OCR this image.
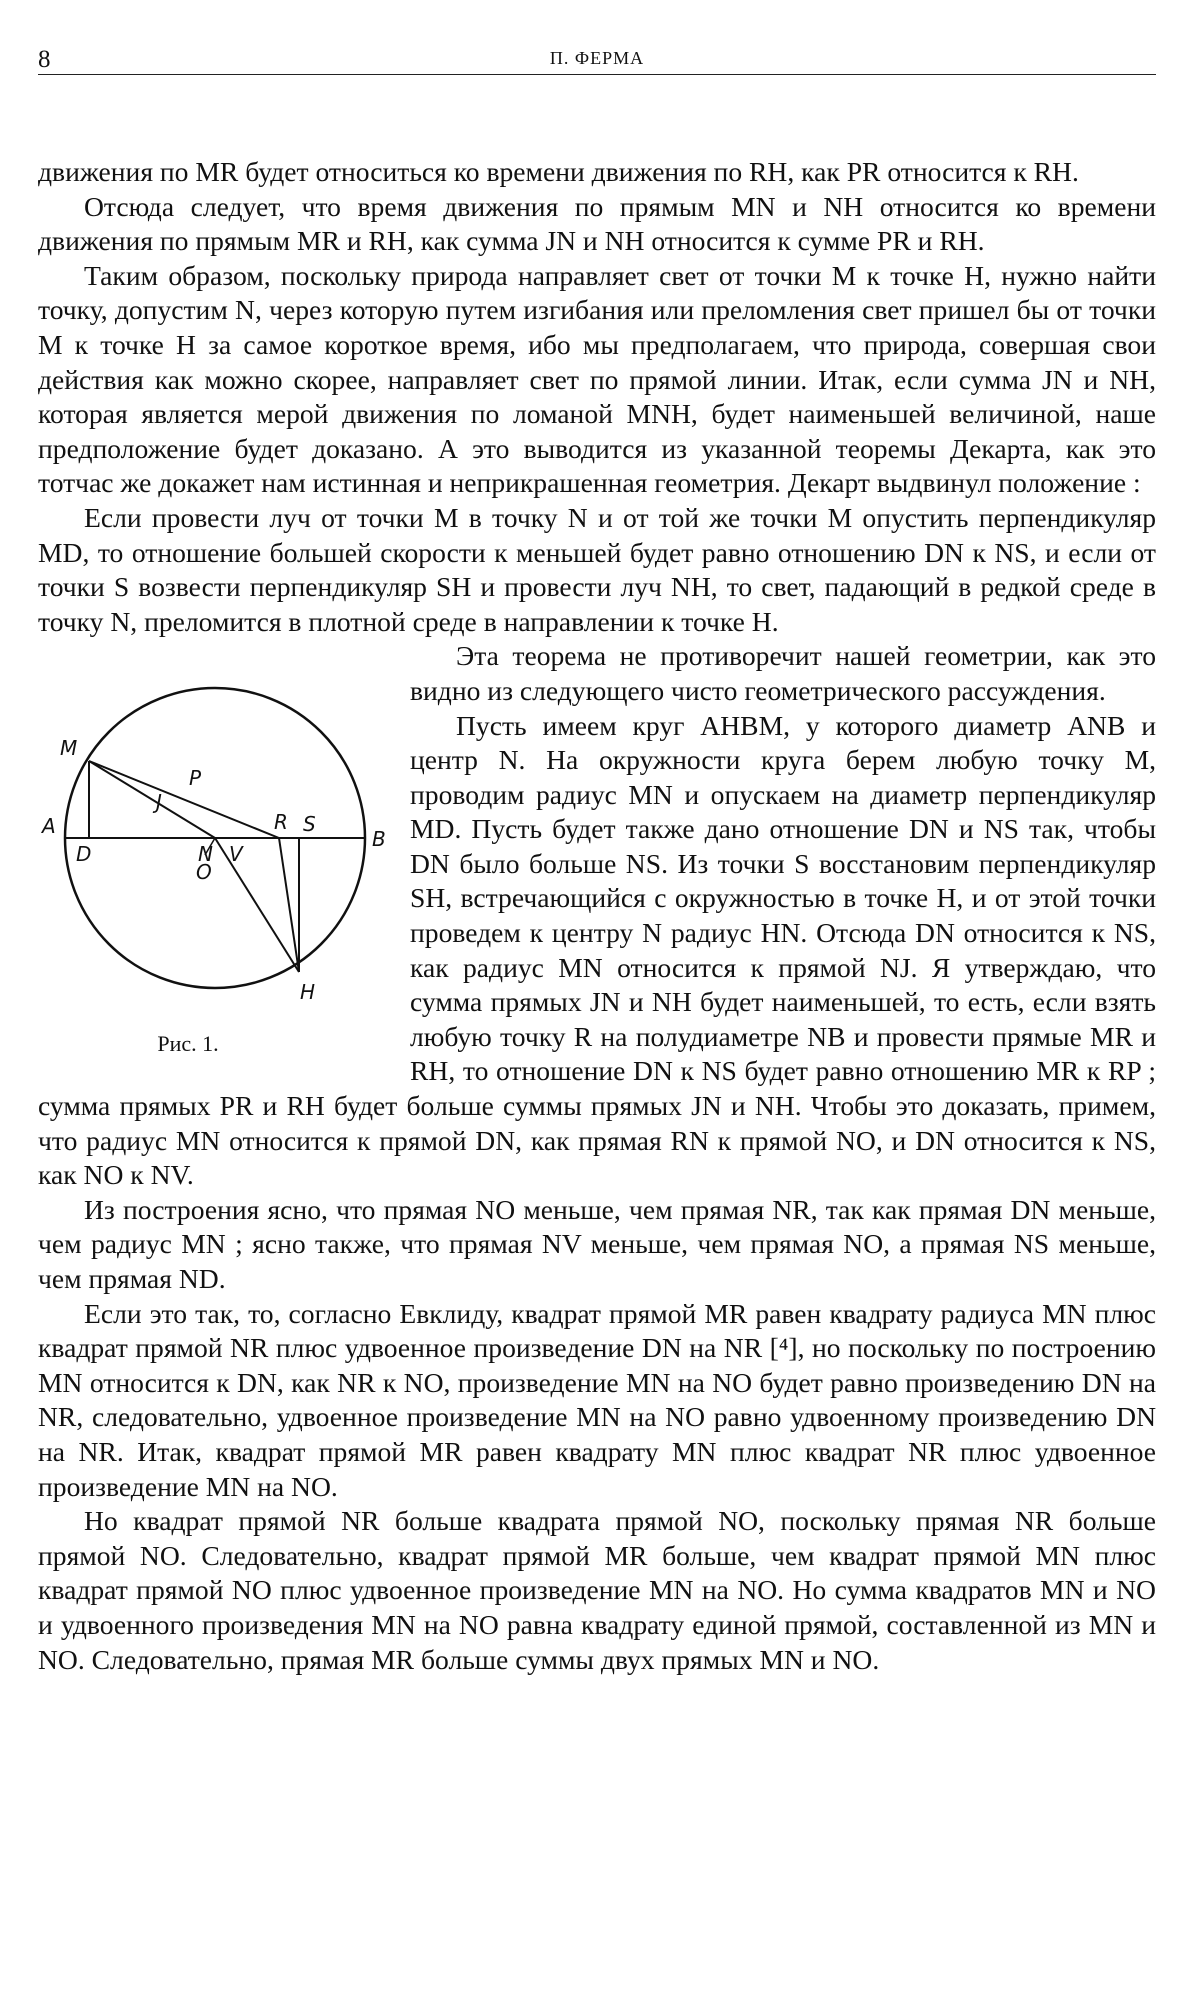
8	П. ФЕРМА

движения по MR будет относиться ко времени движения по RH, как PR относится к RH.

Отсюда следует, что время движения по прямым MN и NH относится ко времени движения по прямым MR и RH, как сумма JN и NH относится к сумме PR и RH.

Таким образом, поскольку природа направляет свет от точки M к точке H, нужно найти точку, допустим N, через которую путем изгибания или преломления свет пришел бы от точки M к точке H за самое короткое время, ибо мы предполагаем, что природа, совершая свои действия как можно скорее, направляет свет по прямой линии. Итак, если сумма JN и NH, которая является мерой движения по ломаной MNH, будет наименьшей величиной, наше предположение будет доказано. А это выводится из указанной теоремы Декарта, как это тотчас же докажет нам истинная и неприкрашенная геометрия. Декарт выдвинул положение :

Если провести луч от точки M в точку N и от той же точки M опустить перпендикуляр MD, то отношение большей скорости к меньшей будет равно отношению DN к NS, и если от точки S возвести перпендикуляр SH и провести луч NH, то свет, падающий в редкой среде в точку N, преломится в плотной среде в направлении к точке H.

M
P
J
A
D
R S
B
N V
O
H
Рис. 1.

Эта теорема не противоречит нашей геометрии, как это видно из следующего чисто геометрического рассуждения.

Пусть имеем круг AHBM, у которого диаметр ANB и центр N. На окружности круга берем любую точку M, проводим радиус MN и опускаем на диаметр перпендикуляр MD. Пусть будет также дано отношение DN и NS так, чтобы DN было больше NS. Из точки S восстановим перпендикуляр SH, встречающийся с окружностью в точке H, и от этой точки проведем к центру N радиус HN. Отсюда DN относится к NS, как радиус MN относится к прямой NJ. Я утверждаю, что сумма прямых JN и NH будет наименьшей, то есть, если взять любую точку R на полудиаметре NB и провести прямые MR и RH, то отношение DN к NS будет равно отношению MR к RP ; сумма прямых PR и RH будет больше суммы прямых JN и NH. Чтобы это доказать, примем, что радиус MN относится к прямой DN, как прямая RN к прямой NO, и DN относится к NS, как NO к NV.

Из построения ясно, что прямая NO меньше, чем прямая NR, так как прямая DN меньше, чем радиус MN ; ясно также, что прямая NV меньше, чем прямая NO, а прямая NS меньше, чем прямая ND.

Если это так, то, согласно Евклиду, квадрат прямой MR равен квадрату радиуса MN плюс квадрат прямой NR плюс удвоенное произведение DN на NR [⁴], но поскольку по построению MN относится к DN, как NR к NO, произведение MN на NO будет равно произведению DN на NR, следовательно, удвоенное произведение MN на NO равно удвоенному произведению DN на NR. Итак, квадрат прямой MR равен квадрату MN плюс квадрат NR плюс удвоенное произведение MN на NO.

Но квадрат прямой NR больше квадрата прямой NO, поскольку прямая NR больше прямой NO. Следовательно, квадрат прямой MR больше, чем квадрат прямой MN плюс квадрат прямой NO плюс удвоенное произведение MN на NO. Но сумма квадратов MN и NO и удвоенного произведения MN на NO равна квадрату единой прямой, составленной из MN и NO. Следовательно, прямая MR больше суммы двух прямых MN и NO.
